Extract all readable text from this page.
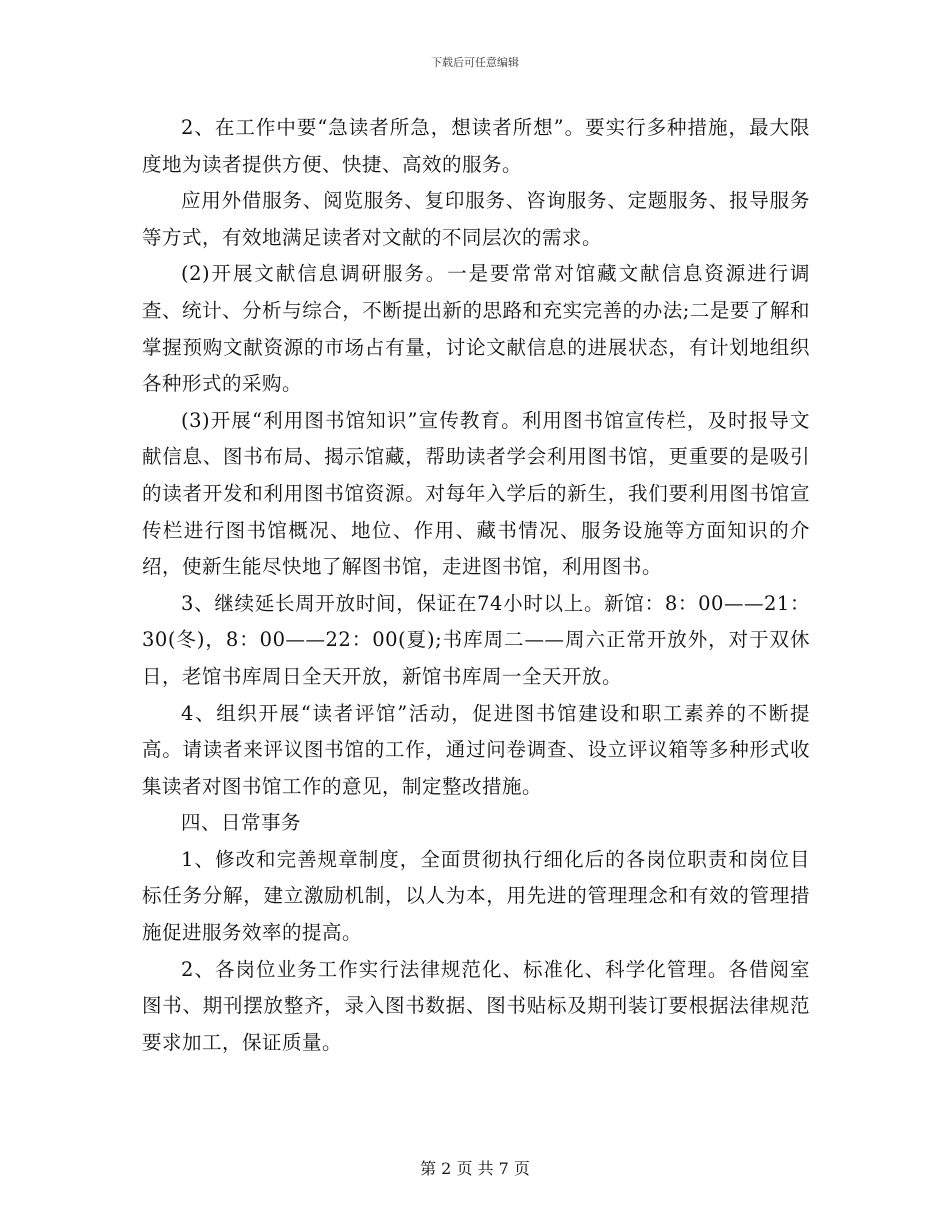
下载后可任意编辑

2、在工作中要“急读者所急，想读者所想”。要实行多种措施，最大限度地为读者提供方便、快捷、高效的服务。

应用外借服务、阅览服务、复印服务、咨询服务、定题服务、报导服务等方式，有效地满足读者对文献的不同层次的需求。

(2)开展文献信息调研服务。一是要常常对馆藏文献信息资源进行调查、统计、分析与综合，不断提出新的思路和充实完善的办法;二是要了解和掌握预购文献资源的市场占有量，讨论文献信息的进展状态，有计划地组织各种形式的采购。

(3)开展“利用图书馆知识”宣传教育。利用图书馆宣传栏，及时报导文献信息、图书布局、揭示馆藏，帮助读者学会利用图书馆，更重要的是吸引的读者开发和利用图书馆资源。对每年入学后的新生，我们要利用图书馆宣传栏进行图书馆概况、地位、作用、藏书情况、服务设施等方面知识的介绍，使新生能尽快地了解图书馆，走进图书馆，利用图书。

3、继续延长周开放时间，保证在74小时以上。新馆：8：00——21：30(冬)，8：00——22：00(夏);书库周二——周六正常开放外，对于双休日，老馆书库周日全天开放，新馆书库周一全天开放。

4、组织开展“读者评馆”活动，促进图书馆建设和职工素养的不断提高。请读者来评议图书馆的工作，通过问卷调查、设立评议箱等多种形式收集读者对图书馆工作的意见，制定整改措施。

四、日常事务

1、修改和完善规章制度，全面贯彻执行细化后的各岗位职责和岗位目标任务分解，建立激励机制，以人为本，用先进的管理理念和有效的管理措施促进服务效率的提高。

2、各岗位业务工作实行法律规范化、标准化、科学化管理。各借阅室图书、期刊摆放整齐，录入图书数据、图书贴标及期刊装订要根据法律规范要求加工，保证质量。

第 2 页 共 7 页
